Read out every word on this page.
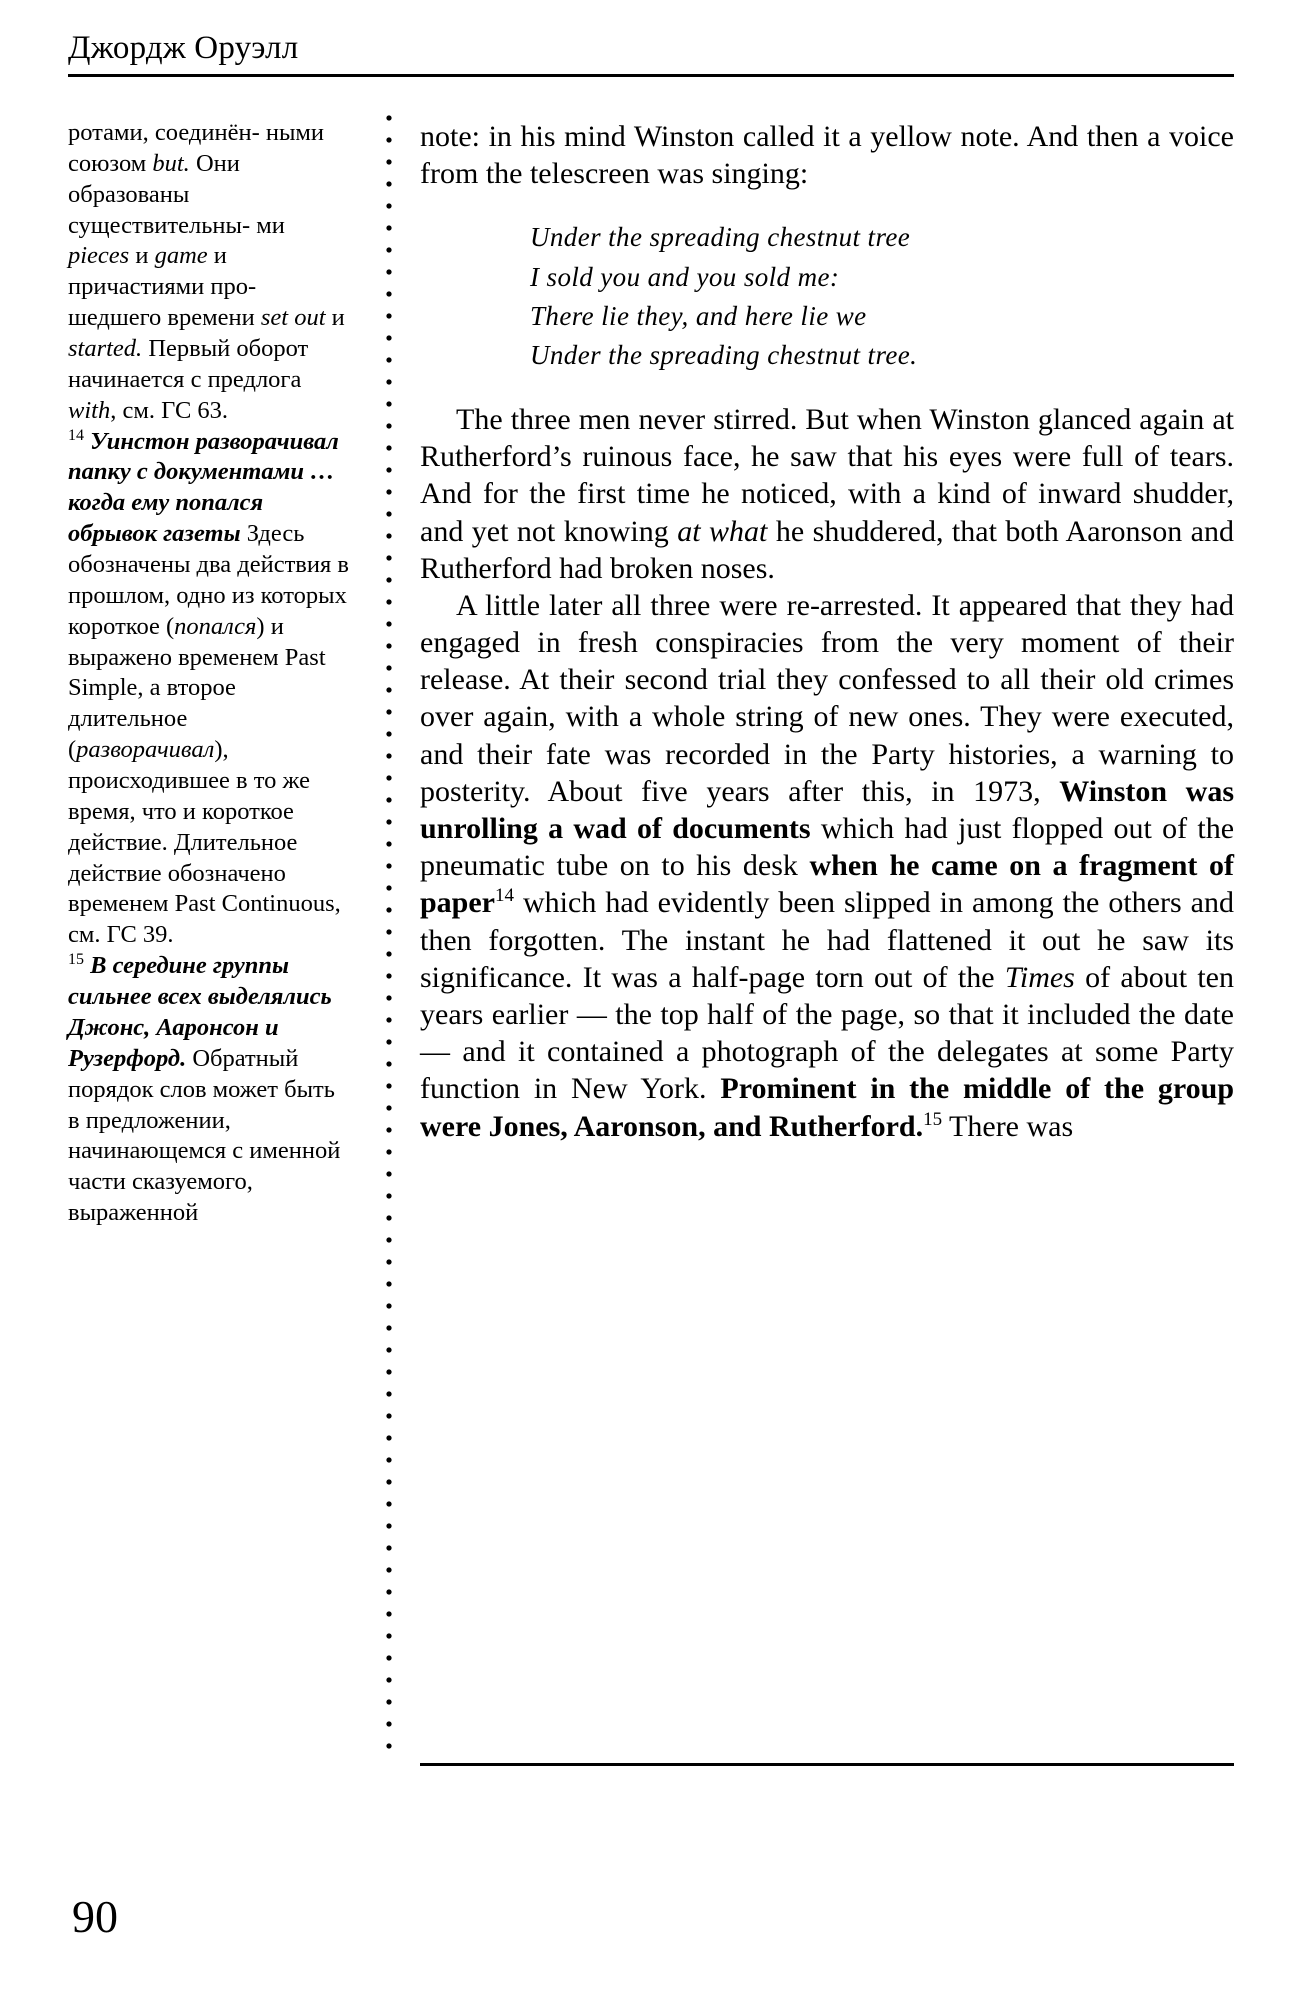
Джордж Оруэлл

ротами, соединён- ными союзом but. Они образованы существительны- ми pieces и game и причастиями про- шедшего времени set out и started. Первый оборот начинается с предлога with, см. ГС 63.

$^{14}$ Уинстон разворачивал папку с документами … когда ему попался обрывок газеты Здесь обозначены два действия в прошлом, одно из которых короткое (попался) и выражено временем Past Simple, а второе длительное (разворачивал), происходившее в то же время, что и короткое действие. Длительное действие обозначено временем Past Continuous, см. ГС 39.

$^{15}$ В середине группы сильнее всех выделялись Джонс, Ааронсон и Рузерфорд. Обратный порядок слов может быть в предложении, начинающемся с именной части сказуемого, выраженной

note: in his mind Winston called it a yellow note. And then a voice from the telescreen was singing:

Under the spreading chestnut tree
I sold you and you sold me:
There lie they, and here lie we
Under the spreading chestnut tree.

The three men never stirred. But when Winston glanced again at Rutherford’s ruinous face, he saw that his eyes were full of tears. And for the first time he noticed, with a kind of inward shudder, and yet not knowing at what he shuddered, that both Aaronson and Rutherford had broken noses.

A little later all three were re-arrested. It appeared that they had engaged in fresh conspiracies from the very moment of their release. At their second trial they confessed to all their old crimes over again, with a whole string of new ones. They were executed, and their fate was recorded in the Party histories, a warning to posterity. About five years after this, in 1973, Winston was unrolling a wad of documents which had just flopped out of the pneumatic tube on to his desk when he came on a fragment of paper$^{14}$ which had evidently been slipped in among the others and then forgotten. The instant he had flattened it out he saw its significance. It was a half-page torn out of the Times of about ten years earlier — the top half of the page, so that it included the date — and it contained a photograph of the delegates at some Party function in New York. Prominent in the middle of the group were Jones, Aaronson, and Rutherford.$^{15}$ There was

90
